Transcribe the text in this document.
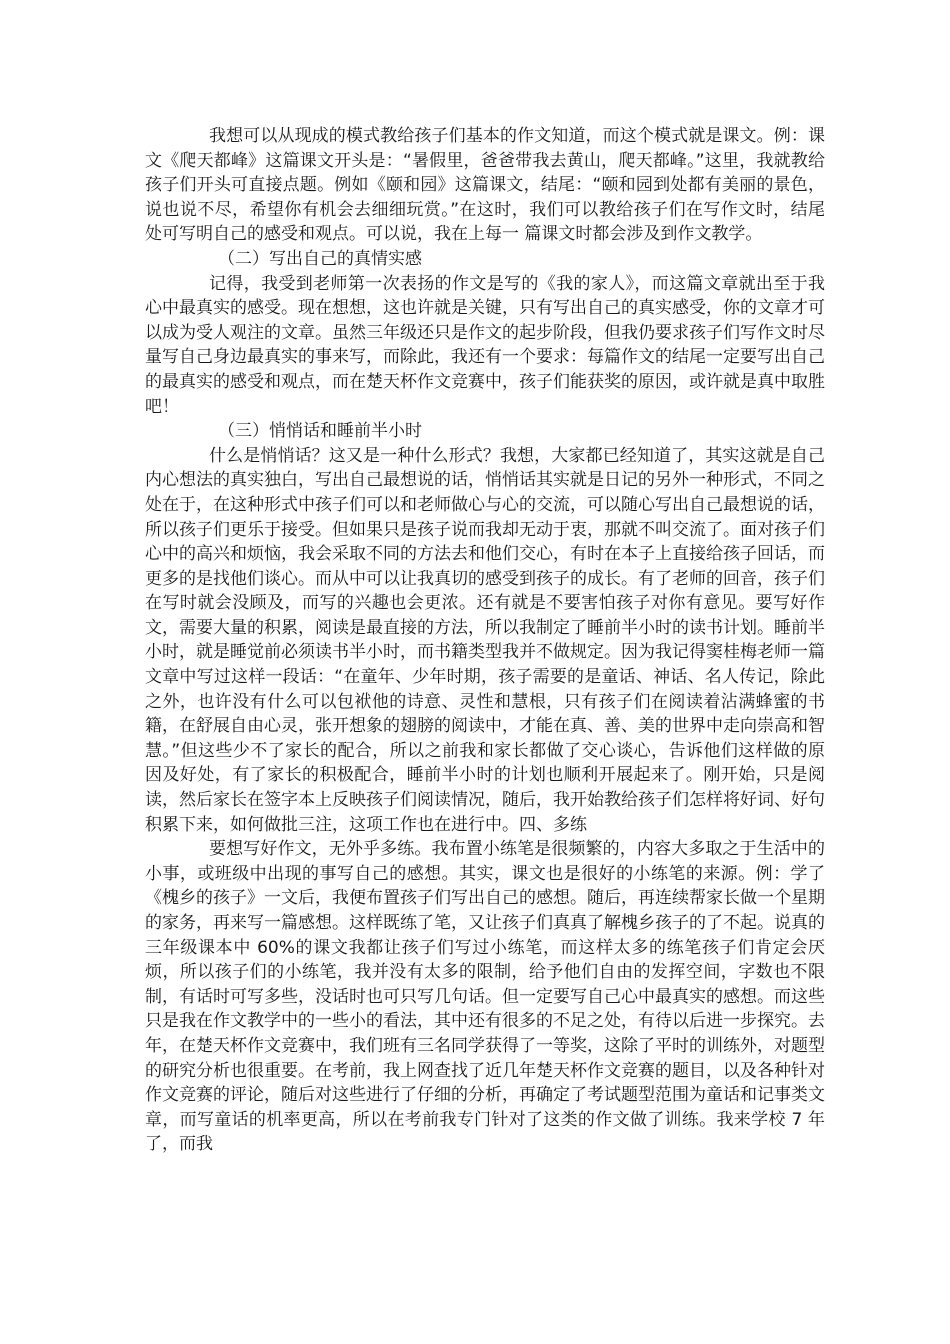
我想可以从现成的模式教给孩子们基本的作文知道，而这个模式就是课文。例：课文《爬天都峰》这篇课文开头是：“暑假里，爸爸带我去黄山，爬天都峰。”这里，我就教给孩子们开头可直接点题。例如《颐和园》这篇课文，结尾：“颐和园到处都有美丽的景色，说也说不尽，希望你有机会去细细玩赏。”在这时，我们可以教给孩子们在写作文时，结尾处可写明自己的感受和观点。可以说，我在上每一 篇课文时都会涉及到作文教学。

（二）写出自己的真情实感

记得，我受到老师第一次表扬的作文是写的《我的家人》，而这篇文章就出至于我心中最真实的感受。现在想想，这也许就是关键，只有写出自己的真实感受，你的文章才可以成为受人观注的文章。虽然三年级还只是作文的起步阶段，但我仍要求孩子们写作文时尽量写自己身边最真实的事来写，而除此，我还有一个要求：每篇作文的结尾一定要写出自己的最真实的感受和观点，而在楚天杯作文竞赛中，孩子们能获奖的原因，或许就是真中取胜吧！

（三）悄悄话和睡前半小时

什么是悄悄话？这又是一种什么形式？我想，大家都已经知道了，其实这就是自己内心想法的真实独白，写出自己最想说的话，悄悄话其实就是日记的另外一种形式，不同之处在于，在这种形式中孩子们可以和老师做心与心的交流，可以随心写出自己最想说的话，所以孩子们更乐于接受。但如果只是孩子说而我却无动于衷，那就不叫交流了。面对孩子们心中的高兴和烦恼，我会采取不同的方法去和他们交心，有时在本子上直接给孩子回话，而更多的是找他们谈心。而从中可以让我真切的感受到孩子的成长。有了老师的回音，孩子们在写时就会没顾及，而写的兴趣也会更浓。还有就是不要害怕孩子对你有意见。要写好作文，需要大量的积累，阅读是最直接的方法，所以我制定了睡前半小时的读书计划。睡前半小时，就是睡觉前必须读书半小时，而书籍类型我并不做规定。因为我记得窦桂梅老师一篇文章中写过这样一段话：“在童年、少年时期，孩子需要的是童话、神话、名人传记，除此之外，也许没有什么可以包袱他的诗意、灵性和慧根，只有孩子们在阅读着沾满蜂蜜的书籍，在舒展自由心灵，张开想象的翅膀的阅读中，才能在真、善、美的世界中走向崇高和智慧。”但这些少不了家长的配合，所以之前我和家长都做了交心谈心，告诉他们这样做的原因及好处，有了家长的积极配合，睡前半小时的计划也顺利开展起来了。刚开始，只是阅读，然后家长在签字本上反映孩子们阅读情况，随后，我开始教给孩子们怎样将好词、好句积累下来，如何做批三注，这项工作也在进行中。四、多练

要想写好作文，无外乎多练。我布置小练笔是很频繁的，内容大多取之于生活中的小事，或班级中出现的事写自己的感想。其实，课文也是很好的小练笔的来源。例：学了《槐乡的孩子》一文后，我便布置孩子们写出自己的感想。随后，再连续帮家长做一个星期的家务，再来写一篇感想。这样既练了笔，又让孩子们真真了解槐乡孩子的了不起。说真的三年级课本中 60%的课文我都让孩子们写过小练笔，而这样太多的练笔孩子们肯定会厌烦，所以孩子们的小练笔，我并没有太多的限制，给予他们自由的发挥空间，字数也不限制，有话时可写多些，没话时也可只写几句话。但一定要写自己心中最真实的感想。而这些只是我在作文教学中的一些小的看法，其中还有很多的不足之处，有待以后进一步探究。去年，在楚天杯作文竞赛中，我们班有三名同学获得了一等奖，这除了平时的训练外，对题型的研究分析也很重要。在考前，我上网查找了近几年楚天杯作文竞赛的题目，以及各种针对作文竞赛的评论，随后对这些进行了仔细的分析，再确定了考试题型范围为童话和记事类文章，而写童话的机率更高，所以在考前我专门针对了这类的作文做了训练。我来学校 7 年了，而我
